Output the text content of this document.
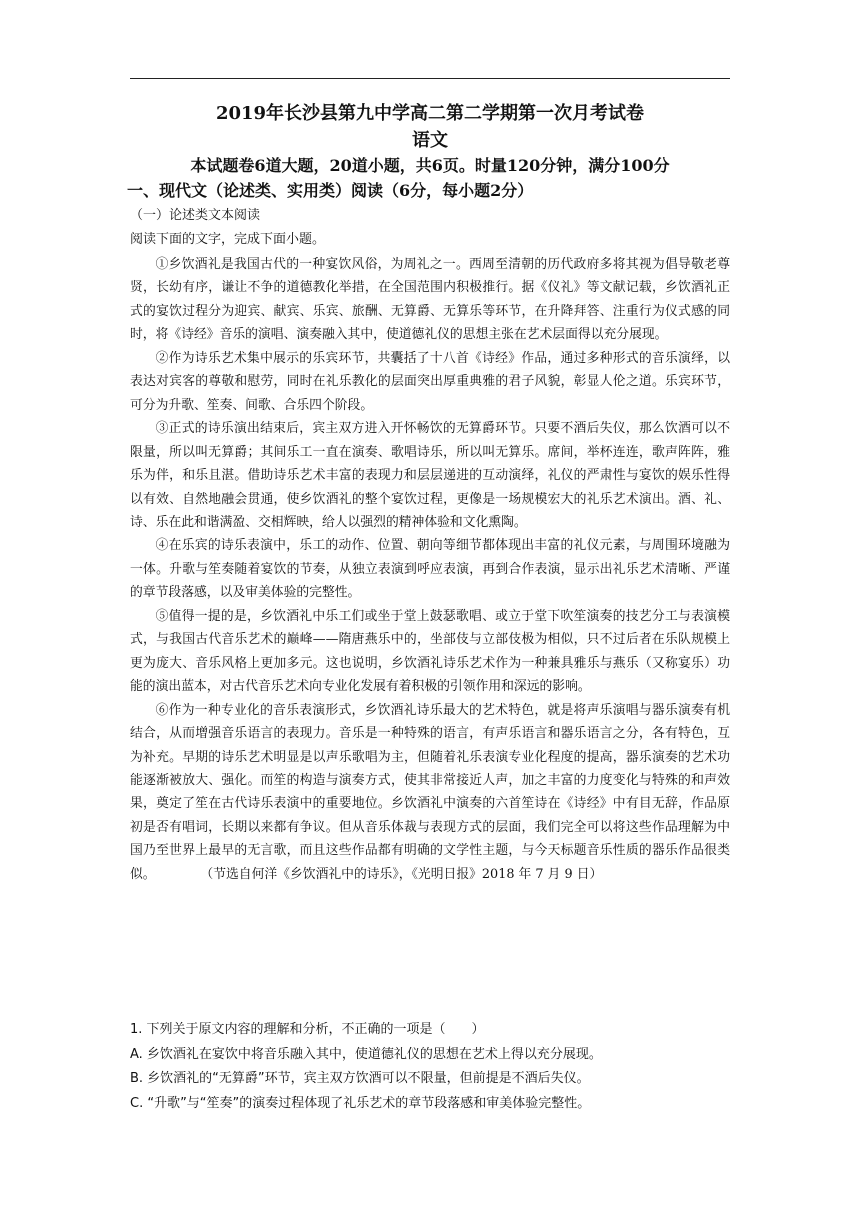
2019年长沙县第九中学高二第二学期第一次月考试卷
语文
本试题卷6道大题，20道小题，共6页。时量120分钟，满分100分
一、现代文（论述类、实用类）阅读（6分，每小题2分）
（一）论述类文本阅读
阅读下面的文字，完成下面小题。

①乡饮酒礼是我国古代的一种宴饮风俗，为周礼之一。西周至清朝的历代政府多将其视为倡导敬老尊贤，长幼有序，谦让不争的道德教化举措，在全国范围内积极推行。据《仪礼》等文献记载，乡饮酒礼正式的宴饮过程分为迎宾、献宾、乐宾、旅酬、无算爵、无算乐等环节，在升降拜答、注重行为仪式感的同时，将《诗经》音乐的演唱、演奏融入其中，使道德礼仪的思想主张在艺术层面得以充分展现。

②作为诗乐艺术集中展示的乐宾环节，共囊括了十八首《诗经》作品，通过多种形式的音乐演绎，以表达对宾客的尊敬和慰劳，同时在礼乐教化的层面突出厚重典雅的君子风貌，彰显人伦之道。乐宾环节，可分为升歌、笙奏、间歌、合乐四个阶段。

③正式的诗乐演出结束后，宾主双方进入开怀畅饮的无算爵环节。只要不酒后失仪，那么饮酒可以不限量，所以叫无算爵；其间乐工一直在演奏、歌唱诗乐，所以叫无算乐。席间，举杯连连，歌声阵阵，雅乐为伴，和乐且湛。借助诗乐艺术丰富的表现力和层层递进的互动演绎，礼仪的严肃性与宴饮的娱乐性得以有效、自然地融会贯通，使乡饮酒礼的整个宴饮过程，更像是一场规模宏大的礼乐艺术演出。酒、礼、诗、乐在此和谐满盈、交相辉映，给人以强烈的精神体验和文化熏陶。

④在乐宾的诗乐表演中，乐工的动作、位置、朝向等细节都体现出丰富的礼仪元素，与周围环境融为一体。升歌与笙奏随着宴饮的节奏，从独立表演到呼应表演，再到合作表演，显示出礼乐艺术清晰、严谨的章节段落感，以及审美体验的完整性。

⑤值得一提的是，乡饮酒礼中乐工们或坐于堂上鼓瑟歌唱、或立于堂下吹笙演奏的技艺分工与表演模式，与我国古代音乐艺术的巅峰——隋唐燕乐中的，坐部伎与立部伎极为相似，只不过后者在乐队规模上更为庞大、音乐风格上更加多元。这也说明，乡饮酒礼诗乐艺术作为一种兼具雅乐与燕乐（又称宴乐）功能的演出蓝本，对古代音乐艺术向专业化发展有着积极的引领作用和深远的影响。

⑥作为一种专业化的音乐表演形式，乡饮酒礼诗乐最大的艺术特色，就是将声乐演唱与器乐演奏有机结合，从而增强音乐语言的表现力。音乐是一种特殊的语言，有声乐语言和器乐语言之分，各有特色，互为补充。早期的诗乐艺术明显是以声乐歌唱为主，但随着礼乐表演专业化程度的提高，器乐演奏的艺术功能逐渐被放大、强化。而笙的构造与演奏方式，使其非常接近人声，加之丰富的力度变化与特殊的和声效果，奠定了笙在古代诗乐表演中的重要地位。乡饮酒礼中演奏的六首笙诗在《诗经》中有目无辞，作品原初是否有唱词，长期以来都有争议。但从音乐体裁与表现方式的层面，我们完全可以将这些作品理解为中国乃至世界上最早的无言歌，而且这些作品都有明确的文学性主题，与今天标题音乐性质的器乐作品很类似。	（节选自何洋《乡饮酒礼中的诗乐》，《光明日报》2018 年 7 月 9 日）

1. 下列关于原文内容的理解和分析，不正确的一项是（　　）
A. 乡饮酒礼在宴饮中将音乐融入其中，使道德礼仪的思想在艺术上得以充分展现。
B. 乡饮酒礼的“无算爵”环节，宾主双方饮酒可以不限量，但前提是不酒后失仪。
C. “升歌”与“笙奏”的演奏过程体现了礼乐艺术的章节段落感和审美体验完整性。
